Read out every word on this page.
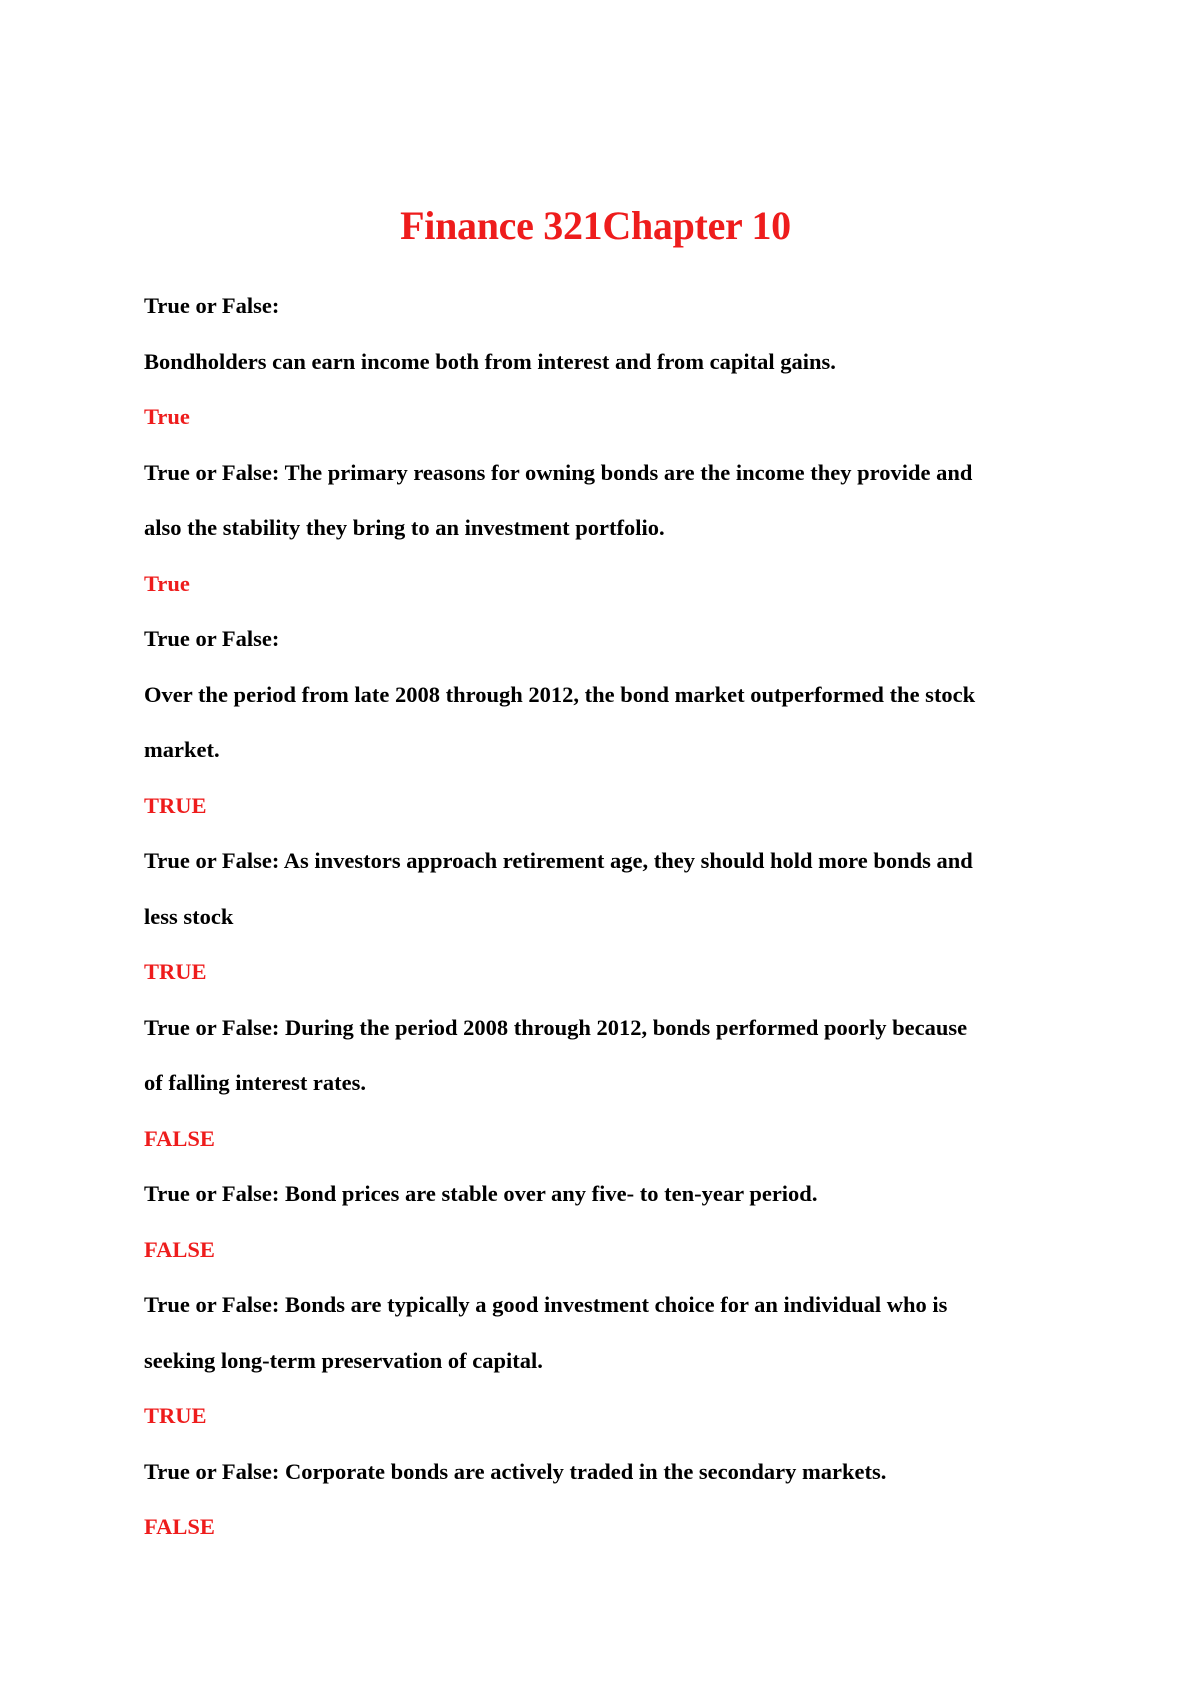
Finance 321Chapter 10
True or False:
Bondholders can earn income both from interest and from capital gains.
True
True or False: The primary reasons for owning bonds are the income they provide and
also the stability they bring to an investment portfolio.
True
True or False:
Over the period from late 2008 through 2012, the bond market outperformed the stock
market.
TRUE
True or False: As investors approach retirement age, they should hold more bonds and
less stock
TRUE
True or False: During the period 2008 through 2012, bonds performed poorly because
of falling interest rates.
FALSE
True or False: Bond prices are stable over any five- to ten-year period.
FALSE
True or False: Bonds are typically a good investment choice for an individual who is
seeking long-term preservation of capital.
TRUE
True or False: Corporate bonds are actively traded in the secondary markets.
FALSE
